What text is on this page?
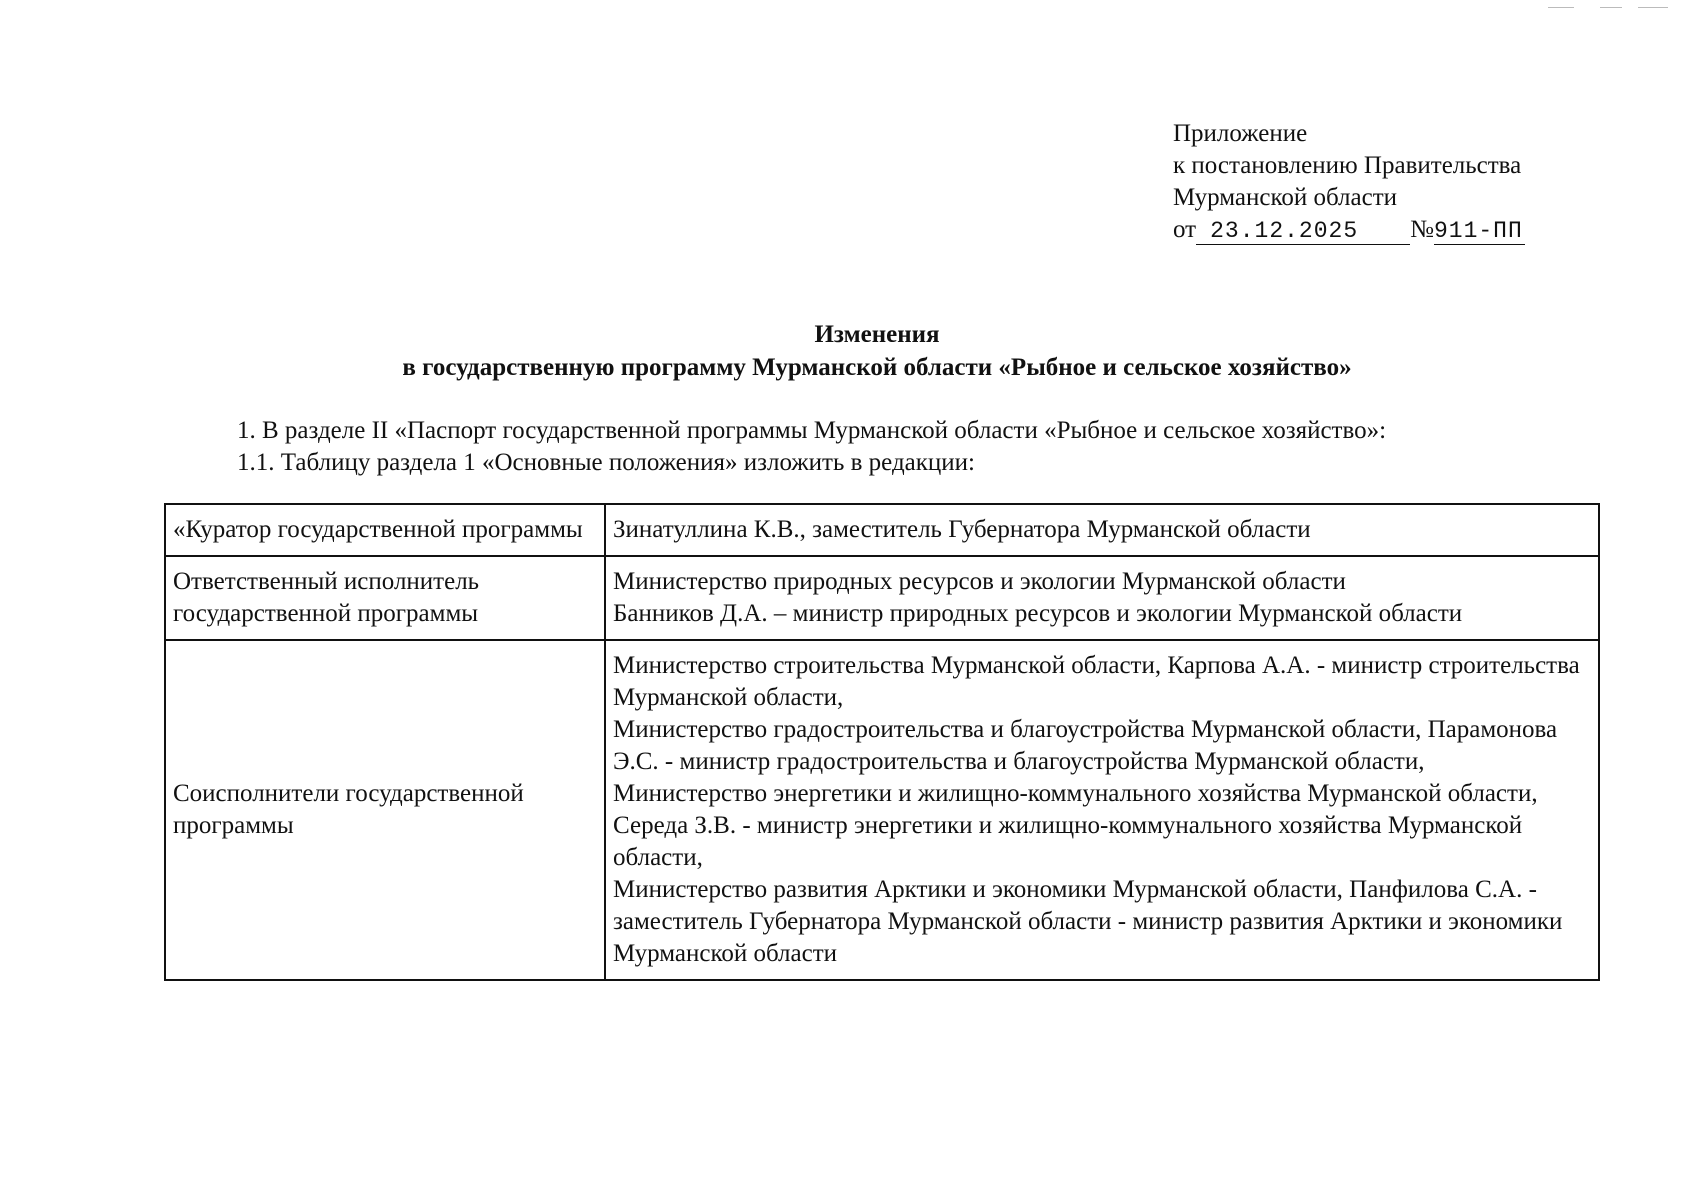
Приложение
к постановлению Правительства
Мурманской области
от 23.12.2025 №911-ПП
Изменения
в государственную программу Мурманской области «Рыбное и сельское хозяйство»
1. В разделе II «Паспорт государственной программы Мурманской области «Рыбное и сельское хозяйство»:
1.1. Таблицу раздела 1 «Основные положения» изложить в редакции:
«Куратор государственной программы	Зинатуллина К.В., заместитель Губернатора Мурманской области

Ответственный исполнитель государственной программы	Министерство природных ресурсов и экологии Мурманской области
Банников Д.А. – министр природных ресурсов и экологии Мурманской области

Соисполнители государственной программы	Министерство строительства Мурманской области, Карпова А.А. - министр строительства Мурманской области,
Министерство градостроительства и благоустройства Мурманской области, Парамонова Э.С. - министр градостроительства и благоустройства Мурманской области,
Министерство энергетики и жилищно-коммунального хозяйства Мурманской области, Середа З.В. - министр энергетики и жилищно-коммунального хозяйства Мурманской области,
Министерство развития Арктики и экономики Мурманской области, Панфилова С.А. - заместитель Губернатора Мурманской области - министр развития Арктики и экономики Мурманской области
